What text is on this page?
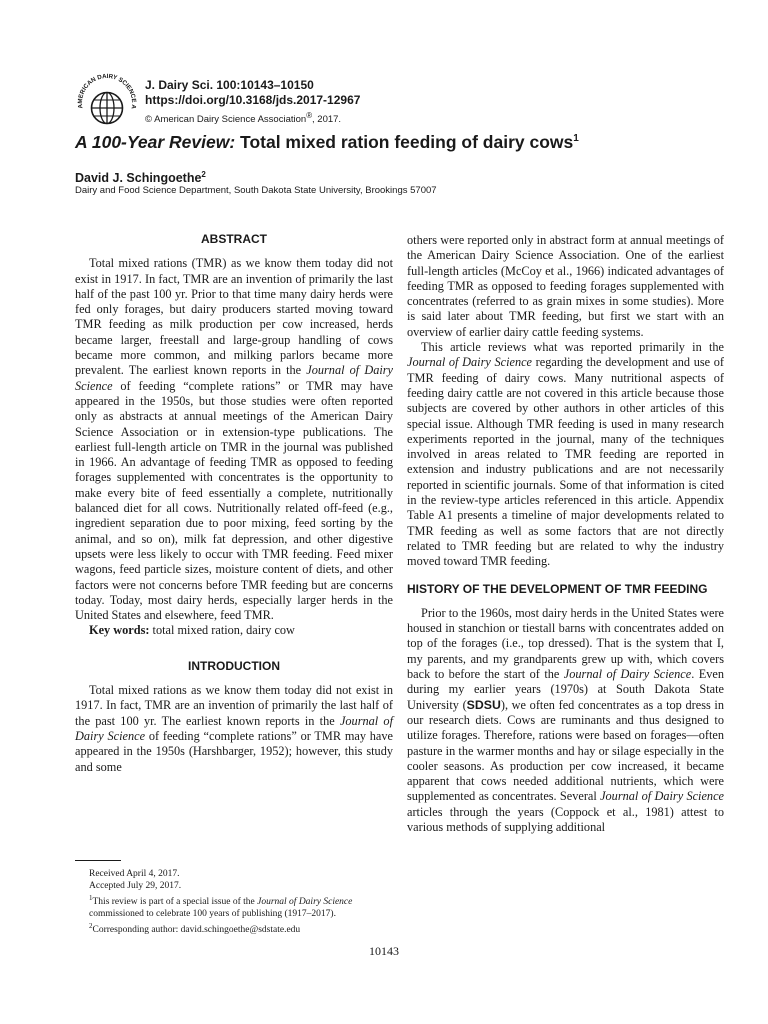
AMERICAN DAIRY SCIENCE A
J. Dairy Sci. 100:10143–10150
https://doi.org/10.3168/jds.2017-12967
© American Dairy Science Association®, 2017.
A 100-Year Review: Total mixed ration feeding of dairy cows$^1$
David J. Schingoethe$^2$
Dairy and Food Science Department, South Dakota State University, Brookings 57007
ABSTRACT

Total mixed rations (TMR) as we know them today did not exist in 1917. In fact, TMR are an invention of primarily the last half of the past 100 yr. Prior to that time many dairy herds were fed only forages, but dairy producers started moving toward TMR feeding as milk production per cow increased, herds became larger, freestall and large-group handling of cows became more common, and milking parlors became more prevalent. The earliest known reports in the Journal of Dairy Science of feeding “complete rations” or TMR may have appeared in the 1950s, but those studies were often reported only as abstracts at annual meetings of the American Dairy Science Association or in extension-type publications. The earliest full-length article on TMR in the journal was published in 1966. An advantage of feeding TMR as opposed to feeding forages supplemented with concentrates is the opportunity to make every bite of feed essentially a complete, nutritionally balanced diet for all cows. Nutritionally related off-feed (e.g., ingredient separation due to poor mixing, feed sorting by the animal, and so on), milk fat depression, and other digestive upsets were less likely to occur with TMR feeding. Feed mixer wagons, feed particle sizes, moisture content of diets, and other factors were not concerns before TMR feeding but are concerns today. Today, most dairy herds, especially larger herds in the United States and elsewhere, feed TMR.

Key words: total mixed ration, dairy cow

INTRODUCTION

Total mixed rations as we know them today did not exist in 1917. In fact, TMR are an invention of primarily the last half of the past 100 yr. The earliest known reports in the Journal of Dairy Science of feeding “complete rations” or TMR may have appeared in the 1950s (Harshbarger, 1952); however, this study and some

others were reported only in abstract form at annual meetings of the American Dairy Science Association. One of the earliest full-length articles (McCoy et al., 1966) indicated advantages of feeding TMR as opposed to feeding forages supplemented with concentrates (referred to as grain mixes in some studies). More is said later about TMR feeding, but first we start with an overview of earlier dairy cattle feeding systems.

This article reviews what was reported primarily in the Journal of Dairy Science regarding the development and use of TMR feeding of dairy cows. Many nutritional aspects of feeding dairy cattle are not covered in this article because those subjects are covered by other authors in other articles of this special issue. Although TMR feeding is used in many research experiments reported in the journal, many of the techniques involved in areas related to TMR feeding are reported in extension and industry publications and are not necessarily reported in scientific journals. Some of that information is cited in the review-type articles referenced in this article. Appendix Table A1 presents a timeline of major developments related to TMR feeding as well as some factors that are not directly related to TMR feeding but are related to why the industry moved toward TMR feeding.

HISTORY OF THE DEVELOPMENT OF TMR FEEDING

Prior to the 1960s, most dairy herds in the United States were housed in stanchion or tiestall barns with concentrates added on top of the forages (i.e., top dressed). That is the system that I, my parents, and my grandparents grew up with, which covers back to before the start of the Journal of Dairy Science. Even during my earlier years (1970s) at South Dakota State University (SDSU), we often fed concentrates as a top dress in our research diets. Cows are ruminants and thus designed to utilize forages. Therefore, rations were based on forages—often pasture in the warmer months and hay or silage especially in the cooler seasons. As production per cow increased, it became apparent that cows needed additional nutrients, which were supplemented as concentrates. Several Journal of Dairy Science articles through the years (Coppock et al., 1981) attest to various methods of supplying additional

Received April 4, 2017.
Accepted July 29, 2017.
$^1$This review is part of a special issue of the Journal of Dairy Science commissioned to celebrate 100 years of publishing (1917–2017).
$^2$Corresponding author: david.schingoethe@sdstate.edu
10143
